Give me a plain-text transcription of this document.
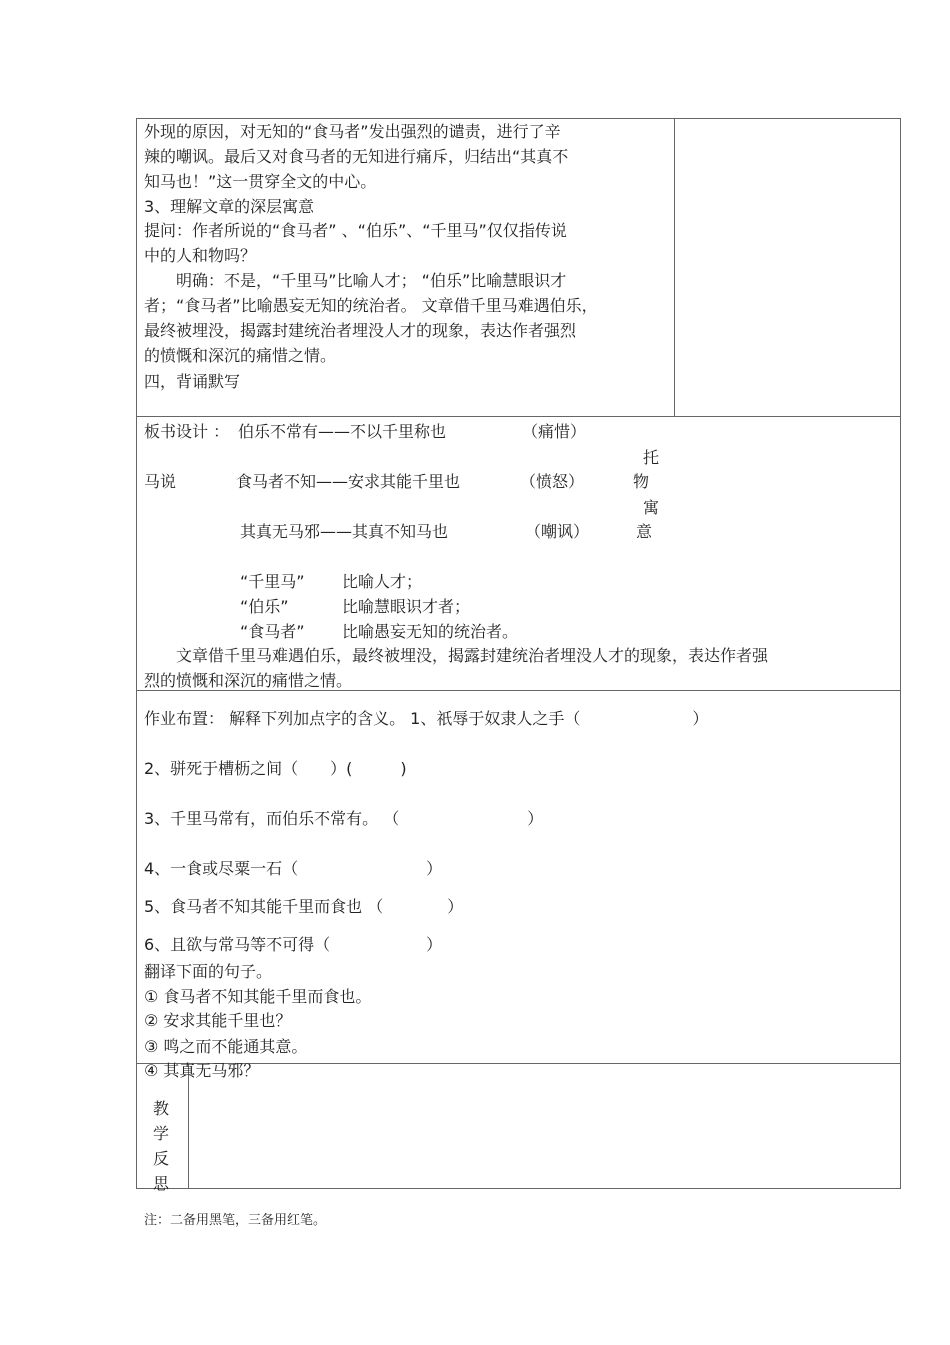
外现的原因，对无知的“食马者”发出强烈的谴责，进行了辛
辣的嘲讽。最后又对食马者的无知进行痛斥，归结出“其真不
知马也！”这一贯穿全文的中心。
3、理解文章的深层寓意
提问：作者所说的“食马者” 、“伯乐”、“千里马”仅仅指传说
中的人和物吗？
　　明确：不是，“千里马”比喻人才； “伯乐”比喻慧眼识才
者；“食马者”比喻愚妄无知的统治者。 文章借千里马难遇伯乐，
最终被埋没，揭露封建统治者埋没人才的现象，表达作者强烈
的愤慨和深沉的痛惜之情。
四，背诵默写
板书设计 ： 伯乐不常有——不以千里称也	（痛惜）
托
马说	食马者不知——安求其能千里也	（愤怒）	物
寓
其真无马邪——其真不知马也	（嘲讽）	意
“千里马” 比喻人才；
“伯乐”	比喻慧眼识才者；
“食马者” 比喻愚妄无知的统治者。
　　文章借千里马难遇伯乐，最终被埋没，揭露封建统治者埋没人才的现象，表达作者强
烈的愤慨和深沉的痛惜之情。
作业布置： 解释下列加点字的含义。 1、祇辱于奴隶人之手（　　　　　　　）
2、骈死于槽枥之间（　　）(　　　)
3、千里马常有，而伯乐不常有。 （　　　　　　　　）
4、一食或尽粟一石（　　　　　　　　）
5、食马者不知其能千里而食也 （　　　　）
6、且欲与常马等不可得（　　　　　　）
翻译下面的句子。
① 食马者不知其能千里而食也。
② 安求其能千里也？
③ 鸣之而不能通其意。
④ 其真无马邪？
教
学
反
思
注：二备用黑笔，三备用红笔。
